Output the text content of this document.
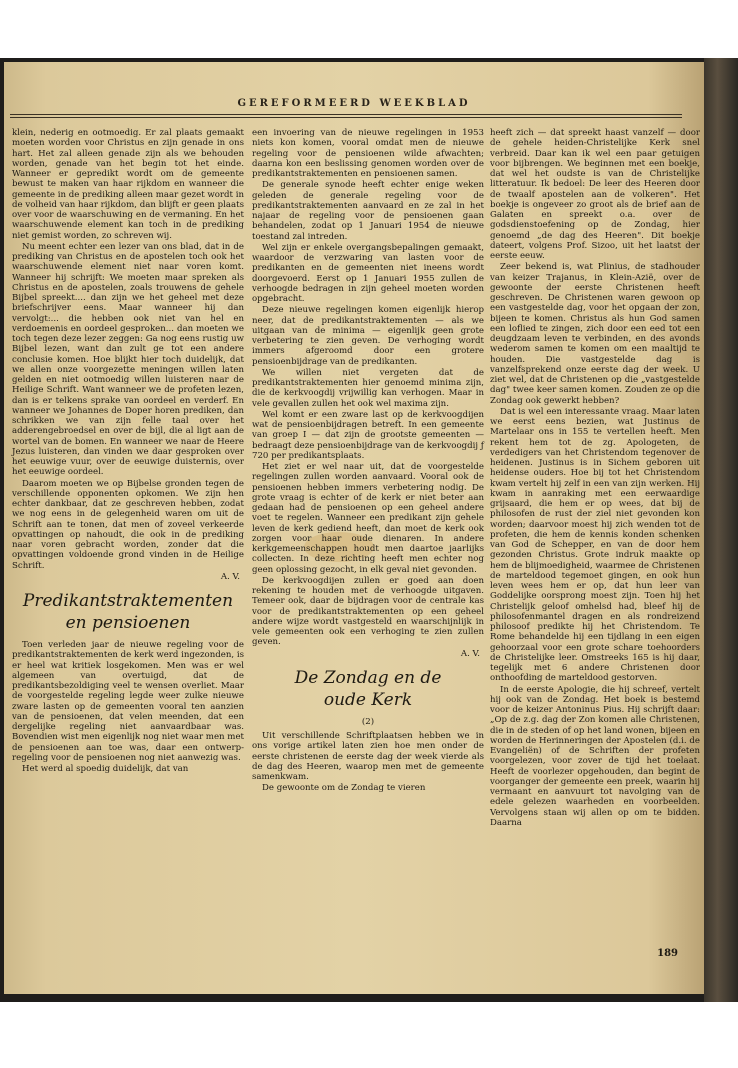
GEREFORMEERD WEEKBLAD

klein, nederig en ootmoedig. Er zal plaats gemaakt moeten worden voor Christus en zijn genade in ons hart. Het zal alleen genade zijn als we behouden worden, genade van het begin tot het einde. Wanneer er gepredikt wordt om de gemeente bewust te maken van haar rijkdom en wanneer die gemeente in de prediking alleen maar gezet wordt in de volheid van haar rijkdom, dan blijft er geen plaats over voor de waarschuwing en de vermaning. En het waarschuwende element kan toch in de prediking niet gemist worden, zo schreven wij.

Nu meent echter een lezer van ons blad, dat in de prediking van Christus en de apostelen toch ook het waarschuwende element niet naar voren komt. Wanneer hij schrijft: We moeten maar spreken als Christus en de apostelen, zoals trouwens de gehele Bijbel spreekt.... dan zijn we het geheel met deze briefschrijver eens. Maar wanneer hij dan vervolgt:... die hebben ook niet van hel en verdoemenis en oordeel gesproken... dan moeten we toch tegen deze lezer zeggen: Ga nog eens rustig uw Bijbel lezen, want dan zult ge tot een andere conclusie komen. Hoe blijkt hier toch duidelijk, dat we allen onze voorgezette meningen willen laten gelden en niet ootmoedig willen luisteren naar de Heilige Schrift. Want wanneer we de profeten lezen, dan is er telkens sprake van oordeel en verderf. En wanneer we Johannes de Doper horen prediken, dan schrikken we van zijn felle taal over het adderengebroedsel en over de bijl, die al ligt aan de wortel van de bomen. En wanneer we naar de Heere Jezus luisteren, dan vinden we daar gesproken over het eeuwige vuur, over de eeuwige duisternis, over het eeuwige oordeel.

Daarom moeten we op Bijbelse gronden tegen de verschillende opponenten opkomen. We zijn hen echter dankbaar, dat ze geschreven hebben, zodat we nog eens in de gelegenheid waren om uit de Schrift aan te tonen, dat men of zoveel verkeerde opvattingen op nahoudt, die ook in de prediking naar voren gebracht worden, zonder dat die opvattingen voldoende grond vinden in de Heilige Schrift.

A. V.
Predikantstraktementen
en pensioenen

Toen verleden jaar de nieuwe regeling voor de predikantstraktementen de kerk werd ingezonden, is er heel wat kritiek losgekomen. Men was er wel algemeen van overtuigd, dat de predikantsbezoldiging veel te wensen overliet. Maar de voorgestelde regeling legde weer zulke nieuwe zware lasten op de gemeenten vooral ten aanzien van de pensioenen, dat velen meenden, dat een dergelijke regeling niet aanvaardbaar was. Bovendien wist men eigenlijk nog niet waar men met de pensioenen aan toe was, daar een ontwerp-regeling voor de pensioenen nog niet aanwezig was.

Het werd al spoedig duidelijk, dat van

een invoering van de nieuwe regelingen in 1953 niets kon komen, vooral omdat men de nieuwe regeling voor de pensioenen wilde afwachten; daarna kon een beslissing genomen worden over de predikantstraktementen en pensioenen samen.

De generale synode heeft echter enige weken geleden de generale regeling voor de predikantstraktementen aanvaard en ze zal in het najaar de regeling voor de pensioenen gaan behandelen, zodat op 1 Januari 1954 de nieuwe toestand zal intreden.

Wel zijn er enkele overgangsbepalingen gemaakt, waardoor de verzwaring van lasten voor de predikanten en de gemeenten niet ineens wordt doorgevoerd. Eerst op 1 Januari 1955 zullen de verhoogde bedragen in zijn geheel moeten worden opgebracht.

Deze nieuwe regelingen komen eigenlijk hierop neer, dat de predikantstraktementen — als we uitgaan van de minima — eigenlijk geen grote verbetering te zien geven. De verhoging wordt immers afgeroomd door een grotere pensioenbijdrage van de predikanten.

We willen niet vergeten dat de predikantstraktementen hier genoemd minima zijn, die de kerkvoogdij vrijwillig kan verhogen. Maar in vele gevallen zullen het ook wel maxima zijn.

Wel komt er een zware last op de kerkvoogdijen wat de pensioenbijdragen betreft. In een gemeente van groep I — dat zijn de grootste gemeenten — bedraagt deze pensioenbijdrage van de kerkvoogdij ƒ 720 per predikantsplaats.

Het ziet er wel naar uit, dat de voorgestelde regelingen zullen worden aanvaard. Vooral ook de pensioenen hebben immers verbetering nodig. De grote vraag is echter of de kerk er niet beter aan gedaan had de pensioenen op een geheel andere voet te regelen. Wanneer een predikant zijn gehele leven de kerk gediend heeft, dan moet de kerk ook zorgen voor haar oude dienaren. In andere kerkgemeenschappen houdt men daartoe jaarlijks collecten. In deze richting heeft men echter nog geen oplossing gezocht, in elk geval niet gevonden.

De kerkvoogdijen zullen er goed aan doen rekening te houden met de verhoogde uitgaven. Temeer ook, daar de bijdragen voor de centrale kas voor de predikantstraktementen op een geheel andere wijze wordt vastgesteld en waarschijnlijk in vele gemeenten ook een verhoging te zien zullen geven.

A. V.
De Zondag en de
oude Kerk
(2)

Uit verschillende Schriftplaatsen hebben we in ons vorige artikel laten zien hoe men onder de eerste christenen de eerste dag der week vierde als de dag des Heeren, waarop men met de gemeente samenkwam.

De gewoonte om de Zondag te vieren

heeft zich — dat spreekt haast vanzelf — door de gehele heiden-Christelijke Kerk snel verbreid. Daar kan ik wel een paar getuigen voor bijbrengen. We beginnen met een boekje, dat wel het oudste is van de Christelijke litteratuur. Ik bedoel: De leer des Heeren door de twaalf apostelen aan de volkeren". Het boekje is ongeveer zo groot als de brief aan de Galaten en spreekt o.a. over de godsdienstoefening op de Zondag, hier genoemd „de dag des Heeren". Dit boekje dateert, volgens Prof. Sizoo, uit het laatst der eerste eeuw.

Zeer bekend is, wat Plinius, de stadhouder van keizer Trajanus, in Klein-Azië, over de gewoonte der eerste Christenen heeft geschreven. De Christenen waren gewoon op een vastgestelde dag, voor het opgaan der zon, bijeen te komen. Christus als hun God samen een loflied te zingen, zich door een eed tot een deugdzaam leven te verbinden, en des avonds wederom samen te komen om een maaltijd te houden. Die vastgestelde dag is vanzelfsprekend onze eerste dag der week. U ziet wel, dat de Christenen op die „vastgestelde dag" twee keer samen komen. Zouden ze op die Zondag ook gewerkt hebben?

Dat is wel een interessante vraag. Maar laten we eerst eens bezien, wat Justinus de Martelaar ons in 155 te vertellen heeft. Men rekent hem tot de zg. Apologeten, de verdedigers van het Christendom tegenover de heidenen. Justinus is in Sichem geboren uit heidense ouders. Hoe bij tot het Christendom kwam vertelt hij zelf in een van zijn werken. Hij kwam in aanraking met een eerwaardige grijsaard, die hem er op wees, dat bij de philosofen de rust der ziel niet gevonden kon worden; daarvoor moest hij zich wenden tot de profeten, die hem de kennis konden schenken van God de Schepper, en van de door hem gezonden Christus. Grote indruk maakte op hem de blijmoedigheid, waarmee de Christenen de marteldood tegemoet gingen, en ook hun leven wees hem er op, dat hun leer van Goddelijke oorsprong moest zijn. Toen hij het Christelijk geloof omhelsd had, bleef hij de philosofenmantel dragen en als rondreizend philosoof predikte hij het Christendom. Te Rome behandelde hij een tijdlang in een eigen gehoorzaal voor een grote schare toehoorders de Christelijke leer. Omstreeks 165 is hij daar, tegelijk met 6 andere Christenen door onthoofding de marteldood gestorven.

In de eerste Apologie, die hij schreef, vertelt hij ook van de Zondag. Het boek is bestemd voor de keizer Antoninus Pius. Hij schrijft daar: „Op de z.g. dag der Zon komen alle Christenen, die in de steden of op het land wonen, bijeen en worden de Herinneringen der Apostelen (d.i. de Evangeliën) of de Schriften der profeten voorgelezen, voor zover de tijd het toelaat. Heeft de voorlezer opgehouden, dan begint de voorganger der gemeente een preek, waarin hij vermaant en aanvuurt tot navolging van de edele gelezen waarheden en voorbeelden. Vervolgens staan wij allen op om te bidden. Daarna

189
